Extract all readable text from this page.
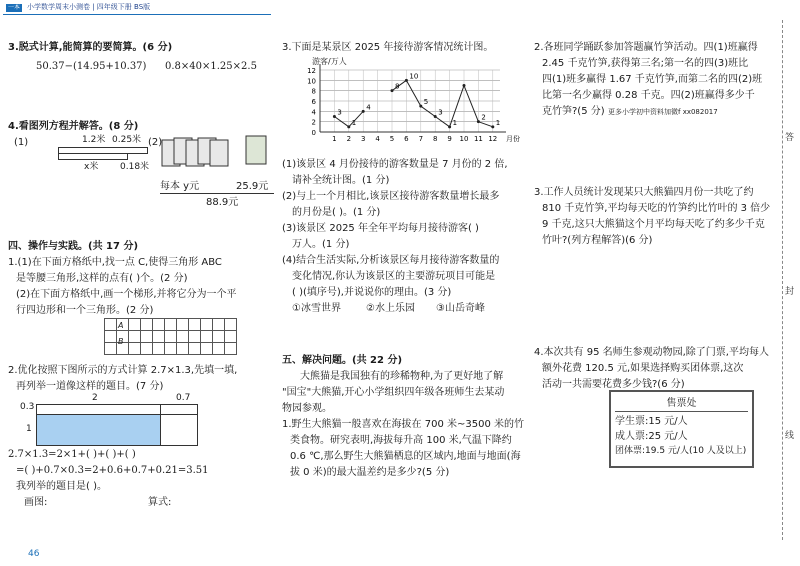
一本 小学数学周末小测卷 | 四年级下册 BS版
3.脱式计算,能简算的要简算。(6 分)
50.37−(14.95+10.37) 0.8×40×1.25×2.5
4.看图列方程并解答。(8 分)
(1)	1.2米 0.25米
x米 0.18米
(2)
每本 y元	25.9元
88.9元
四、操作与实践。(共 17 分)
1.(1)在下面方格纸中,找一点 C,使得三角形 ABC
是等腰三角形,这样的点有( )个。(2 分)
(2)在下面方格纸中,画一个梯形,并将它分为一个平
行四边形和一个三角形。(2 分)
A
B
2.优化按照下图所示的方式计算 2.7×1.3,先填一填,
再列举一道像这样的题目。(7 分)
2	0.7
0.3
1
2.7×1.3=2×1+( )+( )+( )
=( )+0.7×0.3=2+0.6+0.7+0.21=3.51
我列举的题目是( )。
画图:	算式:
46
3.下面是某景区 2025 年接待游客情况统计图。
游客/万人
0
2
4
6
8
10
12
1 2 3 4 5 6 7 8 9 10 11 12 月份
3
1
4
8
10
5
3
1
2
1
(1)该景区 4 月份接待的游客数量是 7 月份的 2 倍,
请补全统计图。(1 分)
(2)与上一个月相比,该景区接待游客数量增长最多
的月份是( )。(1 分)
(3)该景区 2025 年全年平均每月接待游客( )
万人。(1 分)
(4)结合生活实际,分析该景区每月接待游客数量的
变化情况,你认为该景区的主要游玩项目可能是
( )(填序号),并说说你的理由。(3 分)
①冰雪世界	②水上乐园 ③山岳奇峰
五、解决问题。(共 22 分)
大熊猫是我国独有的珍稀物种,为了更好地了解
"国宝"大熊猫,开心小学组织四年级各班师生去某动
物园参观。
1.野生大熊猫一般喜欢在海拔在 700 米~3500 米的竹
类食物。研究表明,海拔每升高 100 米,气温下降约
0.6 ℃,那么野生大熊猫栖息的区域内,地面与地面(海
拔 0 米)的最大温差约是多少?(5 分)
2.各班同学踊跃参加答题赢竹笋活动。四(1)班赢得
2.45 千克竹笋,获得第三名;第一名的四(3)班比
四(1)班多赢得 1.67 千克竹笋,而第二名的四(2)班
比第一名少赢得 0.28 千克。四(2)班赢得多少千
克竹笋?(5 分) 更多小学初中资料加微f xx082017
3.工作人员统计发现某只大熊猫四月份一共吃了约
810 千克竹笋,平均每天吃的竹笋约比竹叶的 3 倍少
9 千克,这只大熊猫这个月平均每天吃了约多少千克
竹叶?(列方程解答)(6 分)
4.本次共有 95 名师生参观动物园,除了门票,平均每人
额外花费 120.5 元,如果选择购买团体票,这次
活动一共需要花费多少钱?(6 分)
售票处
学生票:15 元/人
成人票:25 元/人
团体票:19.5 元/人(10 人及以上)
答
封
线
